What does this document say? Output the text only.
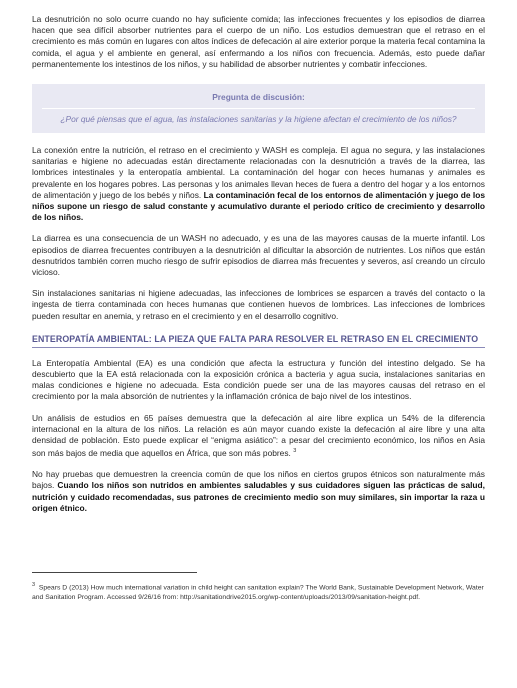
La desnutrición no solo ocurre cuando no hay suficiente comida; las infecciones frecuentes y los episodios de diarrea hacen que sea difícil absorber nutrientes para el cuerpo de un niño. Los estudios demuestran que el retraso en el crecimiento es más común en lugares con altos índices de defecación al aire exterior porque la materia fecal contamina la comida, el agua y el ambiente en general, así enfermando a los niños con frecuencia. Además, esto puede dañar permanentemente los intestinos de los niños, y su habilidad de absorber nutrientes y combatir infecciones.

Pregunta de discusión:
¿Por qué piensas que el agua, las instalaciones sanitarias y la higiene afectan el crecimiento de los niños?

La conexión entre la nutrición, el retraso en el crecimiento y WASH es compleja. El agua no segura, y las instalaciones sanitarias e higiene no adecuadas están directamente relacionadas con la desnutrición a través de la diarrea, las lombrices intestinales y la enteropatía ambiental. La contaminación del hogar con heces humanas y animales es prevalente en los hogares pobres. Las personas y los animales llevan heces de fuera a dentro del hogar y a los entornos de alimentación y juego de los bebés y niños. La contaminación fecal de los entornos de alimentación y juego de los niños supone un riesgo de salud constante y acumulativo durante el periodo crítico de crecimiento y desarrollo de los niños.

La diarrea es una consecuencia de un WASH no adecuado, y es una de las mayores causas de la muerte infantil. Los episodios de diarrea frecuentes contribuyen a la desnutrición al dificultar la absorción de nutrientes. Los niños que están desnutridos también corren mucho riesgo de sufrir episodios de diarrea más frecuentes y severos, así creando un círculo vicioso.

Sin instalaciones sanitarias ni higiene adecuadas, las infecciones de lombrices se esparcen a través del contacto o la ingesta de tierra contaminada con heces humanas que contienen huevos de lombrices. Las infecciones de lombrices pueden resultar en anemia, y retraso en el crecimiento y en el desarrollo cognitivo.

ENTEROPATÍA AMBIENTAL: LA PIEZA QUE FALTA PARA RESOLVER EL RETRASO EN EL CRECIMIENTO

La Enteropatía Ambiental (EA) es una condición que afecta la estructura y función del intestino delgado. Se ha descubierto que la EA está relacionada con la exposición crónica a bacteria y agua sucia, instalaciones sanitarias en malas condiciones e higiene no adecuada. Esta condición puede ser una de las mayores causas del retraso en el crecimiento por la mala absorción de nutrientes y la inflamación crónica de bajo nivel de los intestinos.

Un análisis de estudios en 65 países demuestra que la defecación al aire libre explica un 54% de la diferencia internacional en la altura de los niños. La relación es aún mayor cuando existe la defecación al aire libre y una alta densidad de población. Esto puede explicar el “enigma asiático”: a pesar del crecimiento económico, los niños en Asia son más bajos de media que aquellos en África, que son más pobres. $^3$

No hay pruebas que demuestren la creencia común de que los niños en ciertos grupos étnicos son naturalmente más bajos. Cuando los niños son nutridos en ambientes saludables y sus cuidadores siguen las prácticas de salud, nutrición y cuidado recomendadas, sus patrones de crecimiento medio son muy similares, sin importar la raza u origen étnico.

$^3$ Spears D (2013) How much international variation in child height can sanitation explain? The World Bank, Sustainable Development Network, Water and Sanitation Program. Accessed 9/26/16 from: http://sanitationdrive2015.org/wp-content/uploads/2013/09/sanitation-height.pdf.
